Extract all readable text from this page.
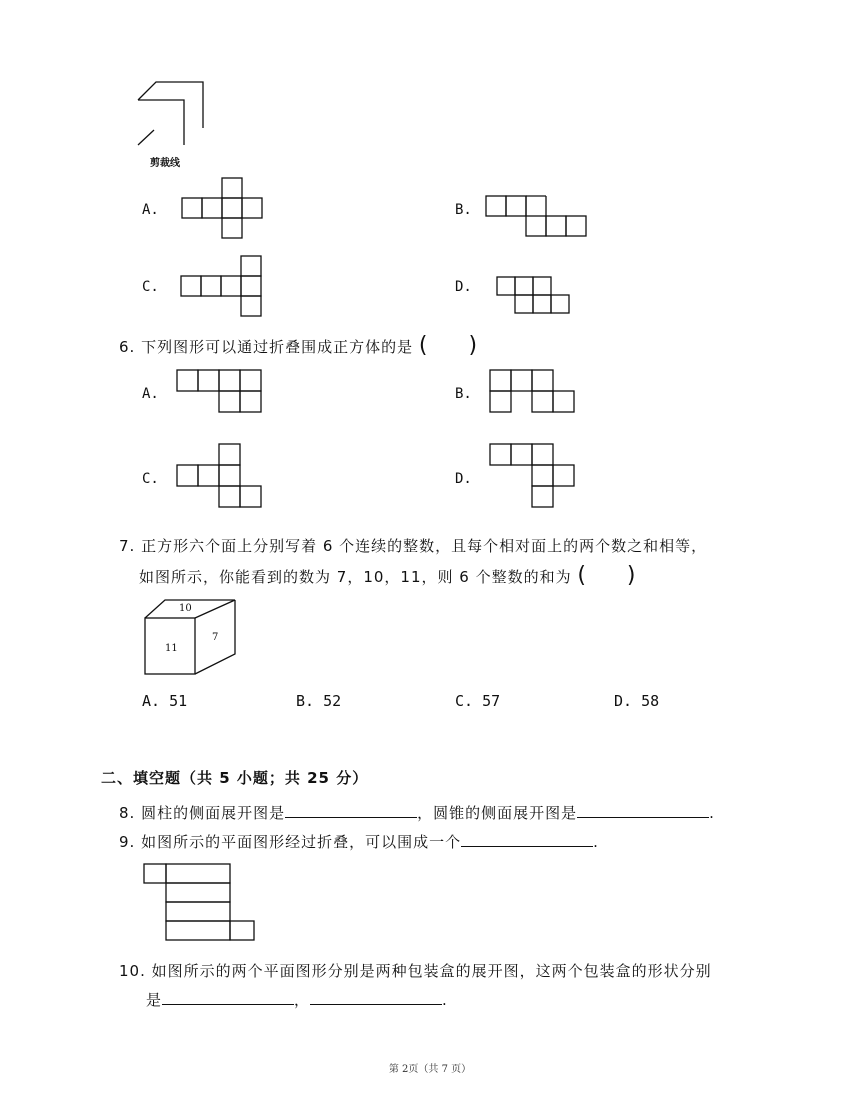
剪裁线
A.	B.
C.	D.
6. 下列图形可以通过折叠围成正方体的是 (     )
A.	B.
C.	D.
7. 正方形六个面上分别写着 6 个连续的整数，且每个相对面上的两个数之和相等，
如图所示，你能看到的数为 7，10，11，则 6 个整数的和为 (     )
10
11
7
A. 51	B. 52	C. 57	D. 58
二、填空题（共 5 小题；共 25 分）
8. 圆柱的侧面展开图是	，圆锥的侧面展开图是	.
9. 如图所示的平面图形经过折叠，可以围成一个	.
10. 如图所示的两个平面图形分别是两种包装盒的展开图，这两个包装盒的形状分别
是	，	.
第 2页（共 7 页）
